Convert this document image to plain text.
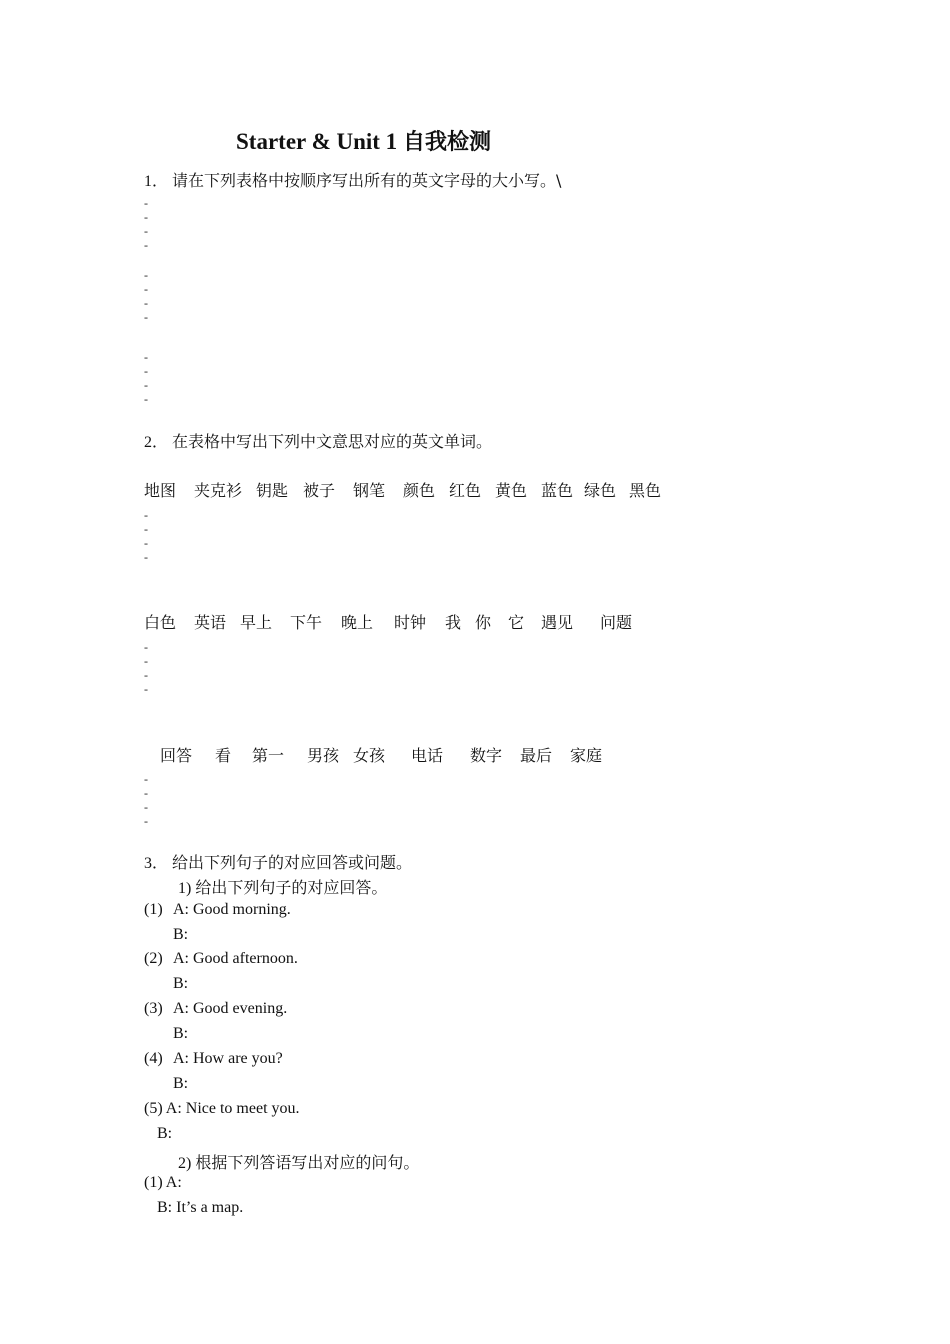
Starter & Unit 1 自我检测
1． 请在下列表格中按顺序写出所有的英文字母的大小写。\
-
-
-
-
-
-
-
-
-
-
-
-
2． 在表格中写出下列中文意思对应的英文单词。
地图 夹克衫 钥匙 被子 钢笔 颜色 红色 黄色 蓝色 绿色 黑色
-
-
-
-
白色 英语 早上 下午 晚上 时钟 我 你 它 遇见 问题
-
-
-
-
回答 看 第一 男孩 女孩 电话 数字 最后 家庭
-
-
-
-
3． 给出下列句子的对应回答或问题。
1) 给出下列句子的对应回答。
(1) A: Good morning.
B:
(2) A: Good afternoon.
B:
(3) A: Good evening.
B:
(4) A: How are you?
B:
(5) A: Nice to meet you.
B:
2) 根据下列答语写出对应的问句。
(1) A:
B: It’s a map.
